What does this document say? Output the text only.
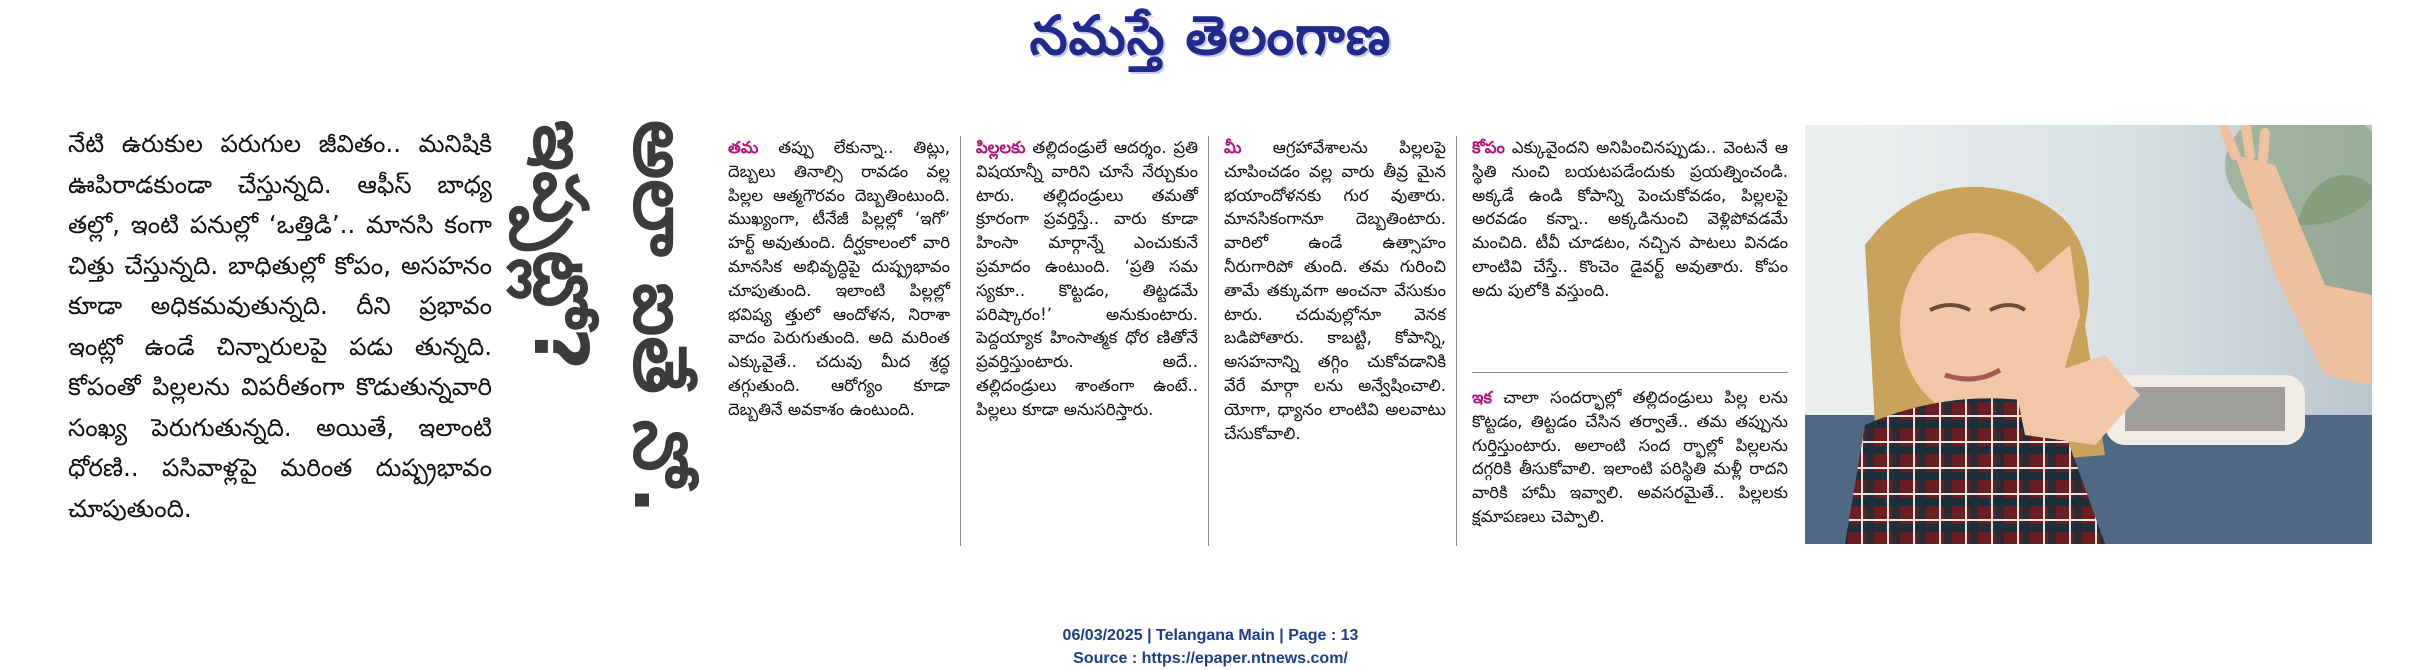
నమస్తే తెలంగాణ
నేటి ఉరుకుల పరుగుల జీవితం.. మనిషికి ఊపిరాడకుండా చేస్తున్నది. ఆఫీస్ బాధ్య తల్లో, ఇంటి పనుల్లో ‘ఒత్తిడి’.. మానసి కంగా చిత్తు చేస్తున్నది. బాధితుల్లో కోపం, అసహనం కూడా అధికమవుతున్నది. దీని ప్రభావం ఇంట్లో ఉండే చిన్నారులపై పడు తున్నది. కోపంతో పిల్లలను విపరీతంగా కొడుతున్నవారి సంఖ్య పెరుగుతున్నది. అయితే, ఇలాంటి ధోరణి.. పసివాళ్లపై మరింత దుష్ప్రభావం చూపుతుంది.	అలా ఐతే నో.
ఇప్పట్లో?	తమ తప్పు లేకున్నా.. తిట్లు, దెబ్బలు తినాల్సి రావడం వల్ల పిల్లల ఆత్మగౌరవం దెబ్బతింటుంది. ముఖ్యంగా, టీనేజీ పిల్లల్లో ‘ఇగో’ హర్ట్ అవుతుంది. దీర్ఘకాలంలో వారి మానసిక అభివృద్ధిపై దుష్ప్రభావం చూపుతుంది. ఇలాంటి పిల్లల్లో భవిష్య త్తులో ఆందోళన, నిరాశా వాదం పెరుగుతుంది. అది మరింత ఎక్కువైతే.. చదువు మీద శ్రద్ధ తగ్గుతుంది. ఆరోగ్యం కూడా దెబ్బతినే అవకాశం ఉంటుంది.
పిల్లలకు తల్లిదండ్రులే ఆదర్శం. ప్రతి విషయాన్నీ వారిని చూసే నేర్చుకుం టారు. తల్లిదండ్రులు తమతో క్రూరంగా ప్రవర్తిస్తే.. వారు కూడా హింసా మార్గాన్నే ఎంచుకునే ప్రమాదం ఉంటుంది. ‘ప్రతి సమ స్యకూ.. కొట్టడం, తిట్టడమే పరిష్కారం!’ అనుకుంటారు. పెద్దయ్యాక హింసాత్మక ధోర ణితోనే ప్రవర్తిస్తుంటారు. అదే.. తల్లిదండ్రులు శాంతంగా ఉంటే.. పిల్లలు కూడా అనుసరిస్తారు.
మీ ఆగ్రహావేశాలను పిల్లలపై చూపించడం వల్ల వారు తీవ్ర మైన భయాందోళనకు గుర వుతారు. మానసికంగానూ దెబ్బతింటారు. వారిలో ఉండే ఉత్సాహం నీరుగారిపో తుంది. తమ గురించి తామే తక్కువగా అంచనా వేసుకుం టారు. చదువుల్లోనూ వెనక బడిపోతారు. కాబట్టి, కోపాన్ని, అసహనాన్ని తగ్గిం చుకోవడానికి వేరే మార్గా లను అన్వేషించాలి. యోగా, ధ్యానం లాంటివి అలవాటు చేసుకోవాలి.
కోపం ఎక్కువైందని అనిపించినప్పుడు.. వెంటనే ఆ స్థితి నుంచి బయటపడేందుకు ప్రయత్నించండి. అక్కడే ఉండి కోపాన్ని పెంచుకోవడం, పిల్లలపై అరవడం కన్నా.. అక్కడినుంచి వెళ్లిపోవడమే మంచిది. టీవీ చూడటం, నచ్చిన పాటలు వినడం లాంటివి చేస్తే.. కొంచెం డైవర్ట్ అవుతారు. కోపం అదు పులోకి వస్తుంది.
ఇక చాలా సందర్భాల్లో తల్లిదండ్రులు పిల్ల లను కొట్టడం, తిట్టడం చేసిన తర్వాతే.. తమ తప్పును గుర్తిస్తుంటారు. అలాంటి సంద ర్భాల్లో పిల్లలను దగ్గరికి తీసుకోవాలి. ఇలాంటి పరిస్థితి మళ్లీ రాదని వారికి హామీ ఇవ్వాలి. అవసరమైతే.. పిల్లలకు క్షమాపణలు చెప్పాలి.
06/03/2025 | Telangana Main | Page : 13
Source : https://epaper.ntnews.com/
